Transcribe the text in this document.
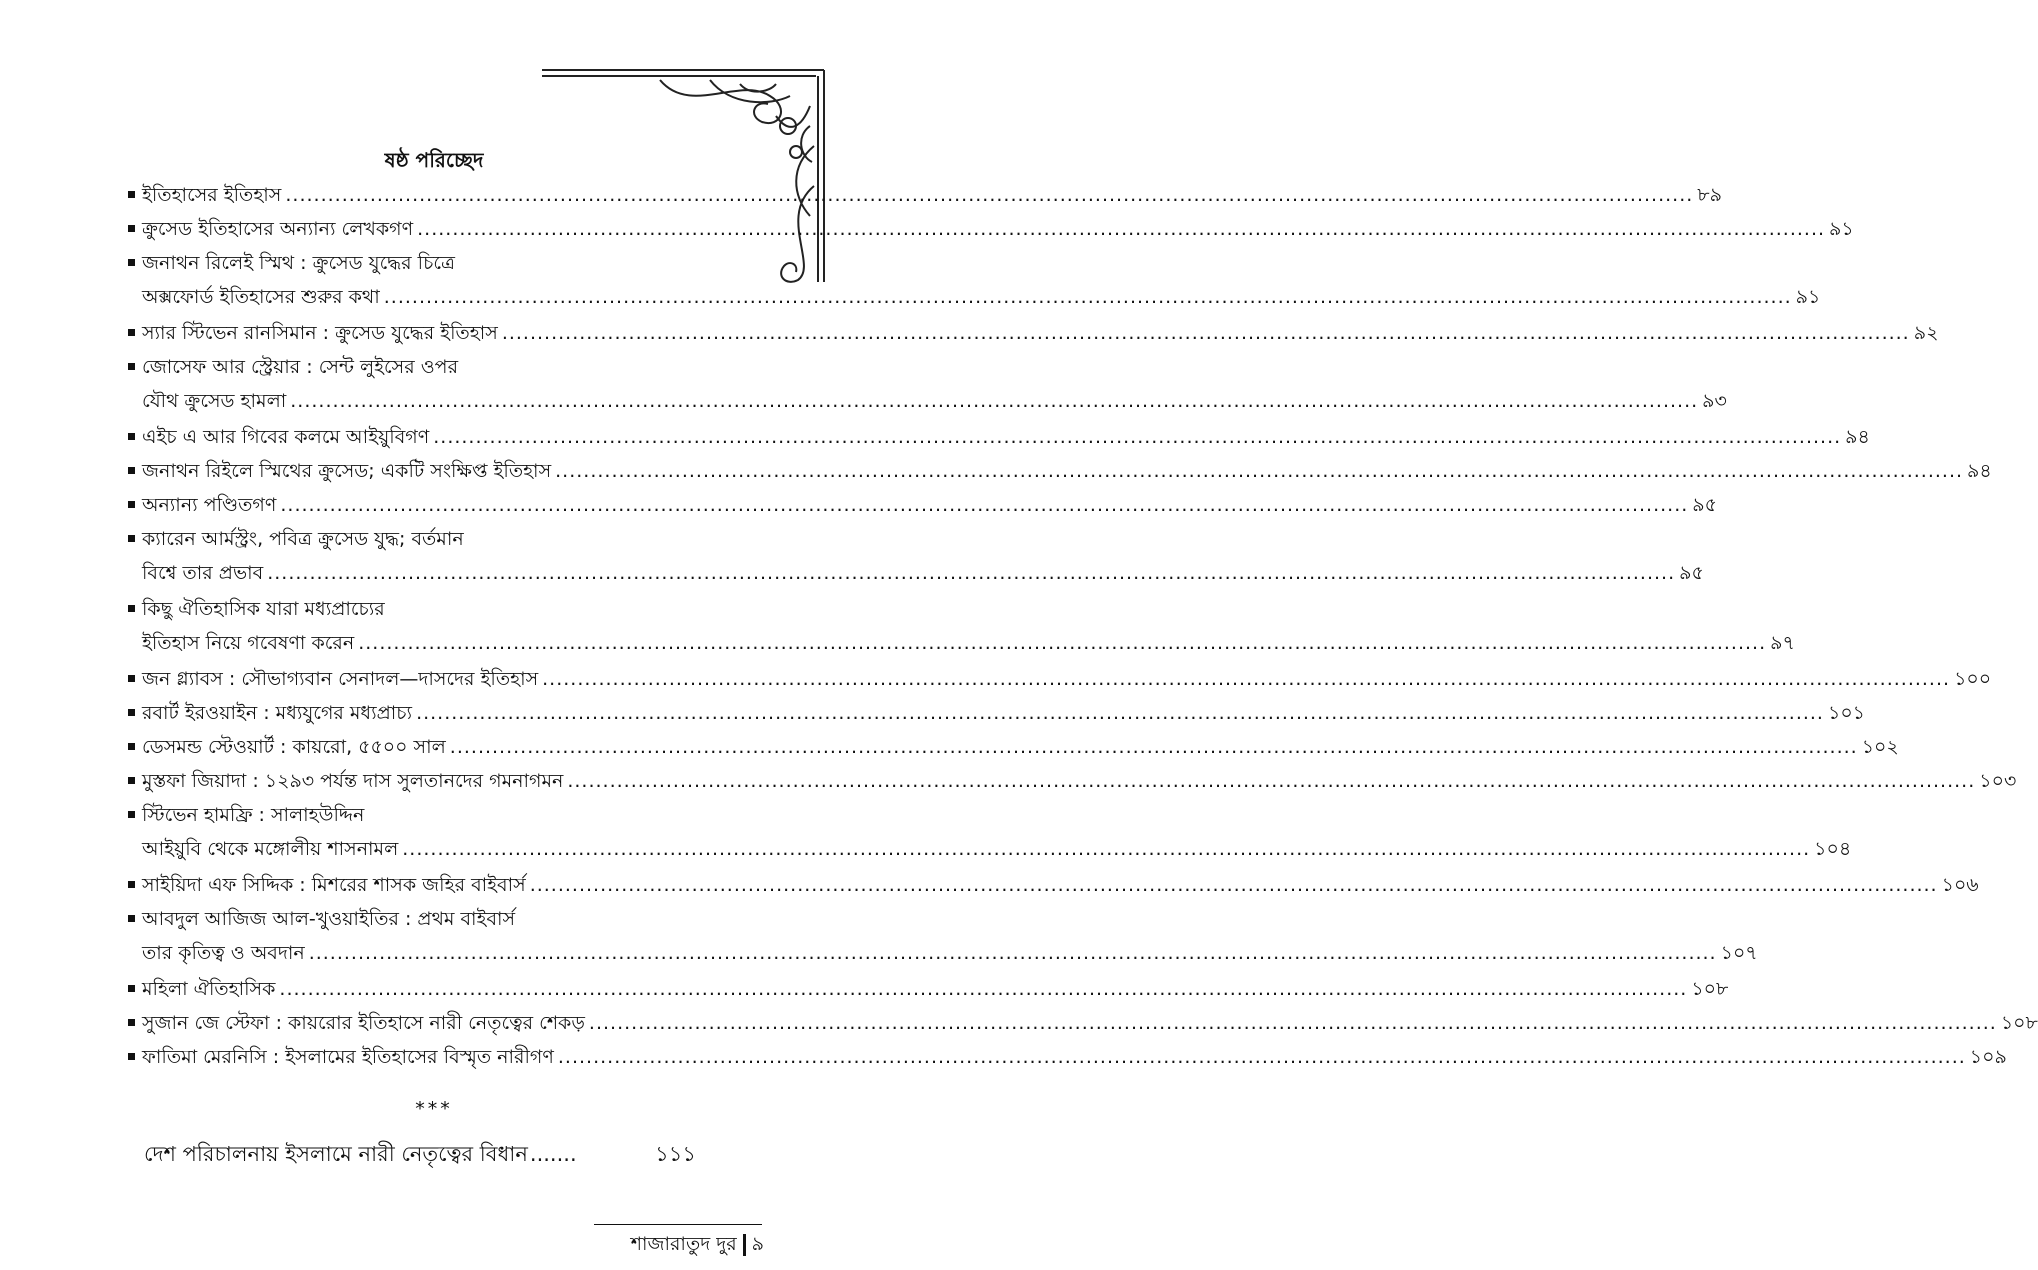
ষষ্ঠ পরিচ্ছেদ
ইতিহাসের ইতিহাস ........................................................................................................................................................................................................ ৮৯
ক্রুসেড ইতিহাসের অন্যান্য লেখকগণ ........................................................................................................................................................................................................ ৯১
জনাথন রিলেই স্মিথ : ক্রুসেড যুদ্ধের চিত্রে
অক্সফোর্ড ইতিহাসের শুরুর কথা ........................................................................................................................................................................................................ ৯১
স্যার স্টিভেন রানসিমান : ক্রুসেড যুদ্ধের ইতিহাস ........................................................................................................................................................................................................ ৯২
জোসেফ আর স্ট্রেয়ার : সেন্ট লুইসের ওপর
যৌথ ক্রুসেড হামলা ........................................................................................................................................................................................................ ৯৩
এইচ এ আর গিবের কলমে আইয়ুবিগণ ........................................................................................................................................................................................................ ৯৪
জনাথন রিইলে স্মিথের ক্রুসেড; একটি সংক্ষিপ্ত ইতিহাস ........................................................................................................................................................................................................ ৯৪
অন্যান্য পণ্ডিতগণ ........................................................................................................................................................................................................ ৯৫
ক্যারেন আর্মস্ট্রং, পবিত্র ক্রুসেড যুদ্ধ; বর্তমান
বিশ্বে তার প্রভাব ........................................................................................................................................................................................................ ৯৫
কিছু ঐতিহাসিক যারা মধ্যপ্রাচ্যের
ইতিহাস নিয়ে গবেষণা করেন ........................................................................................................................................................................................................ ৯৭
জন গ্ল্যাবস : সৌভাগ্যবান সেনাদল—দাসদের ইতিহাস ........................................................................................................................................................................................................ ১০০
রবার্ট ইরওয়াইন : মধ্যযুগের মধ্যপ্রাচ্য ........................................................................................................................................................................................................ ১০১
ডেসমন্ড স্টেওয়ার্ট : কায়রো, ৫৫০০ সাল ........................................................................................................................................................................................................ ১০২
মুস্তফা জিয়াদা : ১২৯৩ পর্যন্ত দাস সুলতানদের গমনাগমন ........................................................................................................................................................................................................ ১০৩
স্টিভেন হামফ্রি : সালাহউদ্দিন
আইয়ুবি থেকে মঙ্গোলীয় শাসনামল ........................................................................................................................................................................................................ ১০৪
সাইয়িদা এফ সিদ্দিক : মিশরের শাসক জহির বাইবার্স ........................................................................................................................................................................................................ ১০৬
আবদুল আজিজ আল-খুওয়াইতির : প্রথম বাইবার্স
তার কৃতিত্ব ও অবদান ........................................................................................................................................................................................................ ১০৭
মহিলা ঐতিহাসিক ........................................................................................................................................................................................................ ১০৮
সুজান জে স্টেফা : কায়রোর ইতিহাসে নারী নেতৃত্বের শেকড় ........................................................................................................................................................................................................ ১০৮
ফাতিমা মেরনিসি : ইসলামের ইতিহাসের বিস্মৃত নারীগণ ........................................................................................................................................................................................................ ১০৯
***
দেশ পরিচালনায় ইসলামে নারী নেতৃত্বের বিধান .......	১১১
শাজারাতুদ দুর ৯
